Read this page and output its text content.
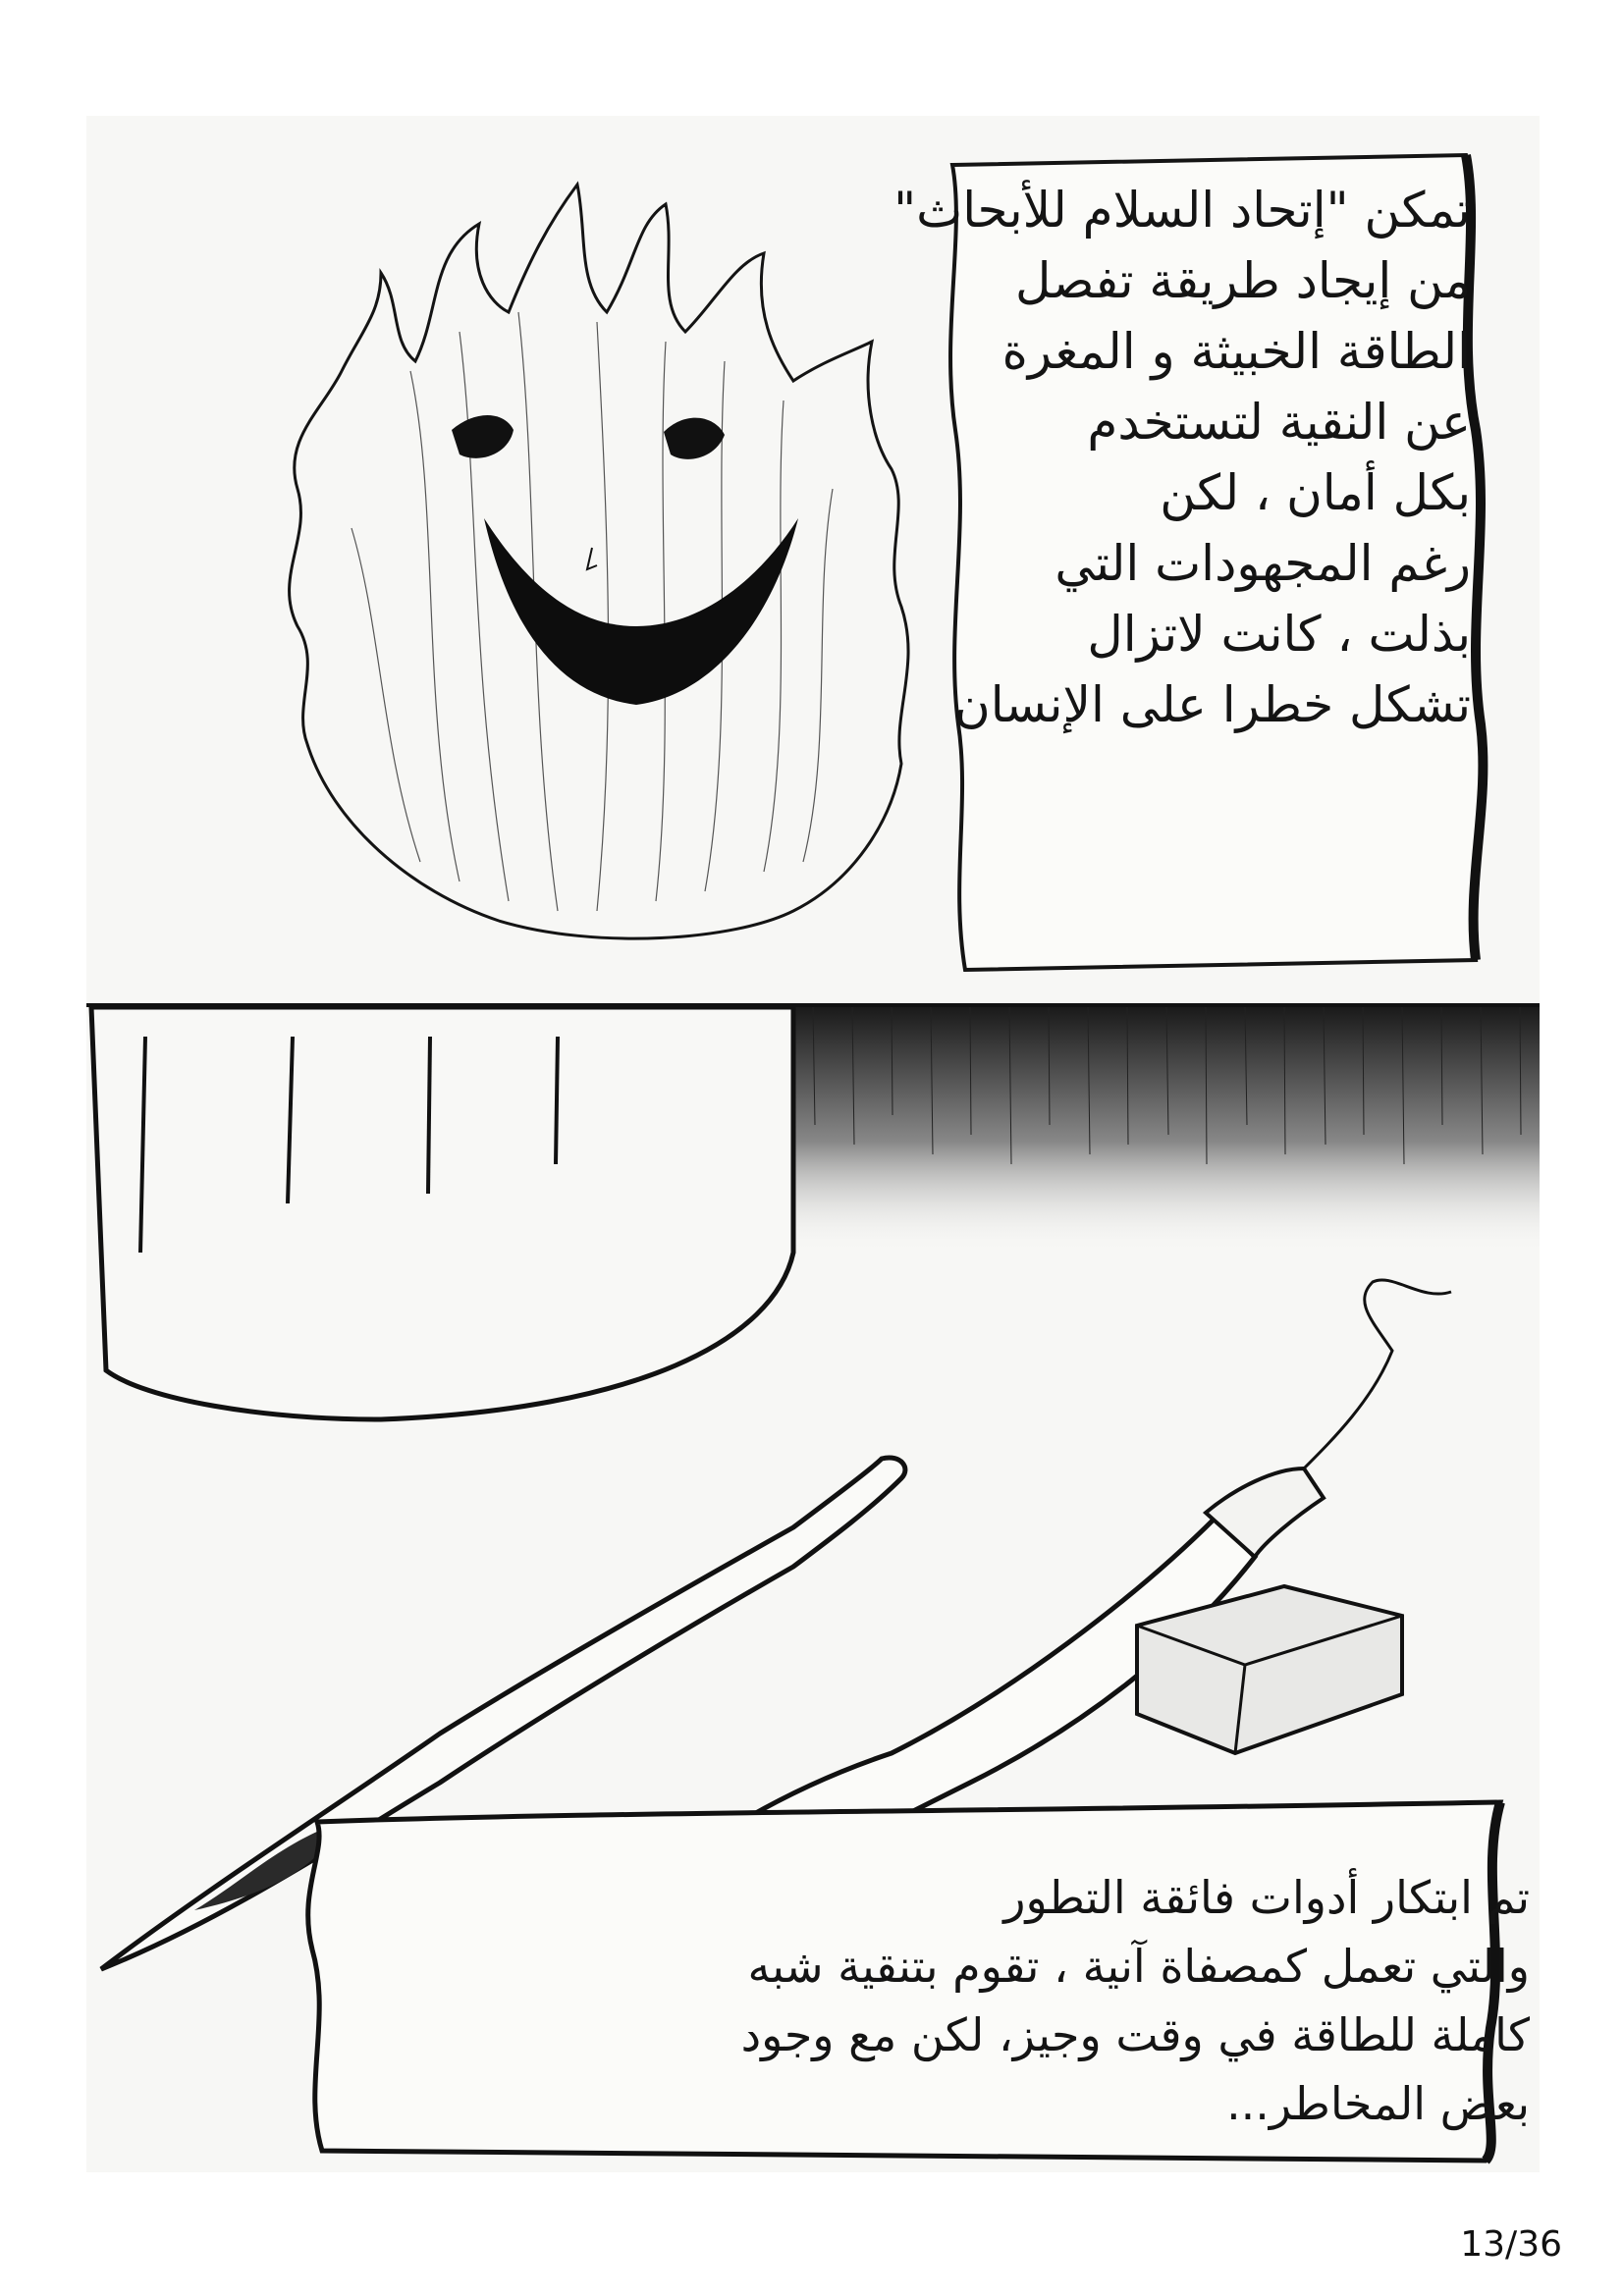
تمكن "إتحاد السلام للأبحاث"
من إيجاد طريقة تفصل
الطاقة الخبيثة و المغرة
عن النقية لتستخدم
بكل أمان ، لكن
رغم المجهودات التي
بذلت ، كانت لاتزال
تشكل خطرا على الإنسان
تم ابتكار أدوات فائقة التطور
والتي تعمل كمصفاة آنية ، تقوم بتنقية شبه
كاملة للطاقة في وقت وجيز، لكن مع وجود
بعض المخاطر...
13/36
